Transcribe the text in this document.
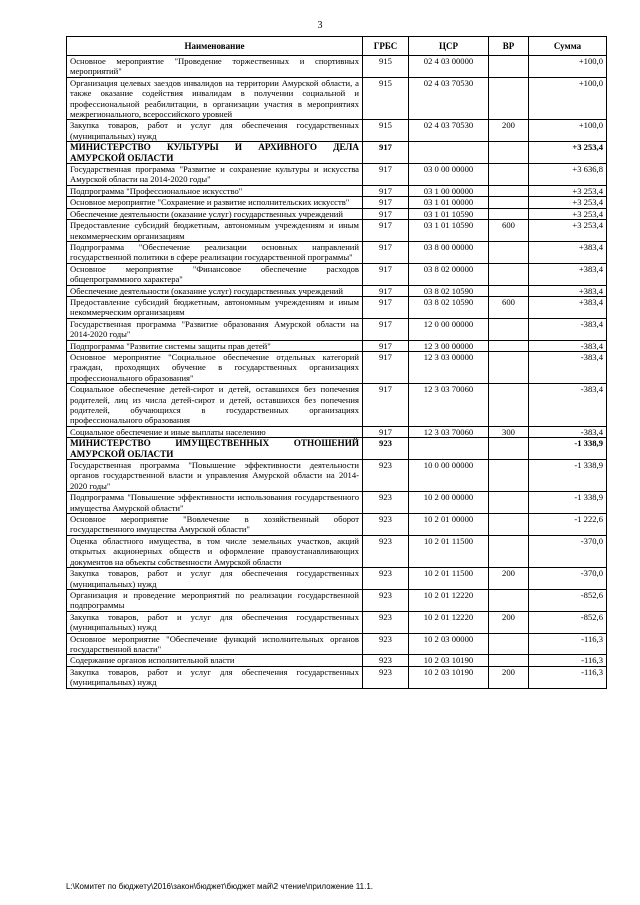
3
Наименование	ГРБС	ЦСР	ВР	Сумма
Основное мероприятие "Проведение торжественных и спортивных мероприятий"	915	02 4 03 00000		+100,0
Организация целевых заездов инвалидов на территории Амурской области, а также оказание содействия инвалидам в получении социальной и профессиональной реабилитации, в организации участия в мероприятиях межрегионального, всероссийского уровней	915	02 4 03 70530		+100,0
Закупка товаров, работ и услуг для обеспечения государственных (муниципальных) нужд	915	02 4 03 70530	200	+100,0
МИНИСТЕРСТВО КУЛЬТУРЫ И АРХИВНОГО ДЕЛА АМУРСКОЙ ОБЛАСТИ	917			+3 253,4
Государственная программа "Развитие и сохранение культуры и искусства Амурской области на 2014-2020 годы"	917	03 0 00 00000		+3 636,8
Подпрограмма "Профессиональное искусство"	917	03 1 00 00000		+3 253,4
Основное мероприятие "Сохранение и развитие исполнительских искусств"	917	03 1 01 00000		+3 253,4
Обеспечение деятельности (оказание услуг) государственных учреждений	917	03 1 01 10590		+3 253,4
Предоставление субсидий бюджетным, автономным учреждениям и иным некоммерческим организациям	917	03 1 01 10590	600	+3 253,4
Подпрограмма "Обеспечение реализации основных направлений государственной политики в сфере реализации государственной программы"	917	03 8 00 00000		+383,4
Основное мероприятие "Финансовое обеспечение расходов общепрограммного характера"	917	03 8 02 00000		+383,4
Обеспечение деятельности (оказание услуг) государственных учреждений	917	03 8 02 10590		+383,4
Предоставление субсидий бюджетным, автономным учреждениям и иным некоммерческим организациям	917	03 8 02 10590	600	+383,4
Государственная программа "Развитие образования Амурской области на 2014-2020 годы"	917	12 0 00 00000		-383,4
Подпрограмма "Развитие системы защиты прав детей"	917	12 3 00 00000		-383,4
Основное мероприятие "Социальное обеспечение отдельных категорий граждан, проходящих обучение в государственных организациях профессионального образования"	917	12 3 03 00000		-383,4
Социальное обеспечение детей-сирот и детей, оставшихся без попечения родителей, лиц из числа детей-сирот и детей, оставшихся без попечения родителей, обучающихся в государственных организациях профессионального образования	917	12 3 03 70060		-383,4
Социальное обеспечение и иные выплаты населению	917	12 3 03 70060	300	-383,4
МИНИСТЕРСТВО ИМУЩЕСТВЕННЫХ ОТНОШЕНИЙ АМУРСКОЙ ОБЛАСТИ	923			-1 338,9
Государственная программа "Повышение эффективности деятельности органов государственной власти и управления Амурской области на 2014-2020 годы"	923	10 0 00 00000		-1 338,9
Подпрограмма "Повышение эффективности использования государственного имущества Амурской области"	923	10 2 00 00000		-1 338,9
Основное мероприятие "Вовлечение в хозяйственный оборот государственного имущества Амурской области"	923	10 2 01 00000		-1 222,6
Оценка областного имущества, в том числе земельных участков, акций открытых акционерных обществ и оформление правоустанавливающих документов на объекты собственности Амурской области	923	10 2 01 11500		-370,0
Закупка товаров, работ и услуг для обеспечения государственных (муниципальных) нужд	923	10 2 01 11500	200	-370,0
Организация и проведение мероприятий по реализации государственной подпрограммы	923	10 2 01 12220		-852,6
Закупка товаров, работ и услуг для обеспечения государственных (муниципальных) нужд	923	10 2 01 12220	200	-852,6
Основное мероприятие "Обеспечение функций исполнительных органов государственной власти"	923	10 2 03 00000		-116,3
Содержание органов исполнительной власти	923	10 2 03 10190		-116,3
Закупка товаров, работ и услуг для обеспечения государственных (муниципальных) нужд	923	10 2 03 10190	200	-116,3
L:\Комитет по бюджету\2016\закон\бюджет\бюджет май\2 чтение\приложение 11.1.
